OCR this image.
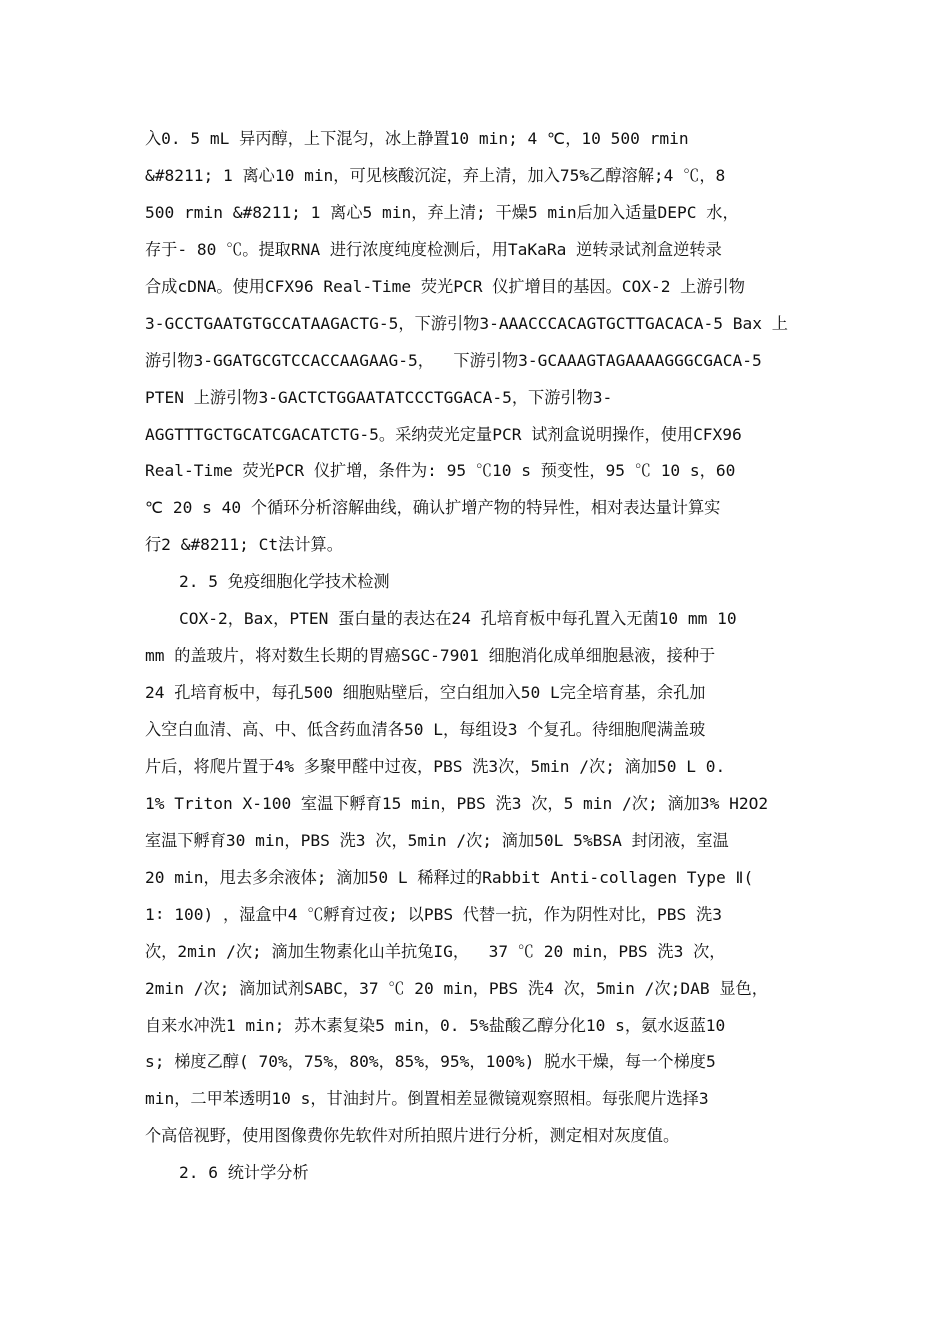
入0. 5 mL 异丙醇，上下混匀，冰上静置10 min; 4 ℃，10 500 rmin
&#8211; 1 离心10 min，可见核酸沉淀，弃上清，加入75%乙醇溶解;4 ℃，8
500 rmin &#8211; 1 离心5 min，弃上清; 干燥5 min后加入适量DEPC 水，
存于- 80 ℃。提取RNA 进行浓度纯度检测后，用TaKaRa 逆转录试剂盒逆转录
合成cDNA。使用CFX96 Real-Time 荧光PCR 仪扩增目的基因。COX-2 上游引物
3-GCCTGAATGTGCCATAAGACTG-5，下游引物3-AAACCCACAGTGCTTGACACA-5 Bax 上
游引物3-GGATGCGTCCACCAAGAAG-5，  下游引物3-GCAAAGTAGAAAAGGGCGACA-5
PTEN 上游引物3-GACTCTGGAATATCCCTGGACA-5，下游引物3-
AGGTTTGCTGCATCGACATCTG-5。采纳荧光定量PCR 试剂盒说明操作，使用CFX96
Real-Time 荧光PCR 仪扩增，条件为: 95 ℃10 s 预变性，95 ℃ 10 s，60
℃ 20 s 40 个循环分析溶解曲线，确认扩增产物的特异性，相对表达量计算实
行2 &#8211; Ct法计算。
2. 5 免疫细胞化学技术检测
COX-2，Bax，PTEN 蛋白量的表达在24 孔培育板中每孔置入无菌10 mm 10
mm 的盖玻片，将对数生长期的胃癌SGC-7901 细胞消化成单细胞悬液，接种于
24 孔培育板中，每孔500 细胞贴壁后，空白组加入50 L完全培育基，余孔加
入空白血清、高、中、低含药血清各50 L，每组设3 个复孔。待细胞爬满盖玻
片后，将爬片置于4% 多聚甲醛中过夜，PBS 洗3次，5min /次; 滴加50 L 0.
1% Triton X-100 室温下孵育15 min，PBS 洗3 次，5 min /次; 滴加3% H2O2
室温下孵育30 min，PBS 洗3 次，5min /次; 滴加50L 5%BSA 封闭液，室温
20 min，甩去多余液体; 滴加50 L 稀释过的Rabbit Anti-collagen Type Ⅱ(
1∶ 100) ，湿盒中4 ℃孵育过夜; 以PBS 代替一抗，作为阴性对比，PBS 洗3
次，2min /次; 滴加生物素化山羊抗兔IG，  37 ℃ 20 min，PBS 洗3 次，
2min /次; 滴加试剂SABC，37 ℃ 20 min，PBS 洗4 次，5min /次;DAB 显色，
自来水冲洗1 min; 苏木素复染5 min，0. 5%盐酸乙醇分化10 s，氨水返蓝10
s; 梯度乙醇( 70%，75%，80%，85%，95%，100%) 脱水干燥，每一个梯度5
min，二甲苯透明10 s，甘油封片。倒置相差显微镜观察照相。每张爬片选择3
个高倍视野，使用图像费你先软件对所拍照片进行分析，测定相对灰度值。
2. 6 统计学分析
